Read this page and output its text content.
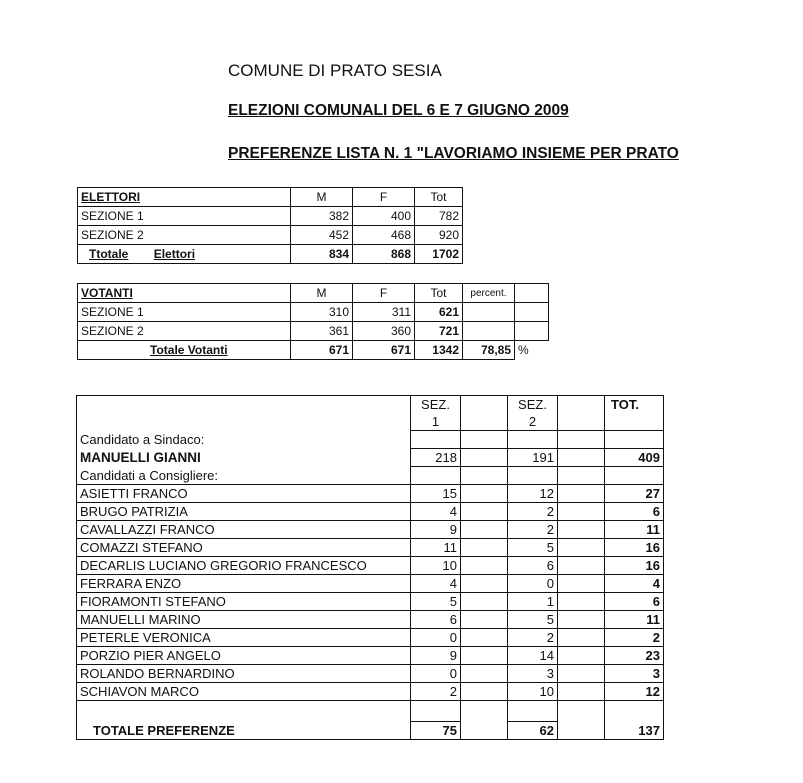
COMUNE DI PRATO SESIA
ELEZIONI COMUNALI DEL 6 E 7 GIUGNO 2009
PREFERENZE LISTA N. 1 "LAVORIAMO INSIEME PER PRATO
ELETTORI	M	F	Tot
SEZIONE 1	382	400	782
SEZIONE 2	452	468	920
Ttotale Elettori	834	868	1702
VOTANTI	M	F	Tot	percent.	
SEZIONE 1	310	311	621		
SEZIONE 2	361	360	721		
Totale Votanti	671	671	1342	78,85	%
	SEZ.		SEZ.		TOT.
	1		2		
Candidato a Sindaco:					
MANUELLI GIANNI	218		191		409
Candidati a Consigliere:					
ASIETTI FRANCO	15		12		27
BRUGO PATRIZIA	4		2		6
CAVALLAZZI FRANCO	9		2		11
COMAZZI STEFANO	11		5		16
DECARLIS LUCIANO GREGORIO FRANCESCO	10		6		16
FERRARA ENZO	4		0		4
FIORAMONTI STEFANO	5		1		6
MANUELLI MARINO	6		5		11
PETERLE VERONICA	0		2		2
PORZIO PIER ANGELO	9		14		23
ROLANDO BERNARDINO	0		3		3
SCHIAVON MARCO	2		10		12

TOTALE PREFERENZE	75		62		137
